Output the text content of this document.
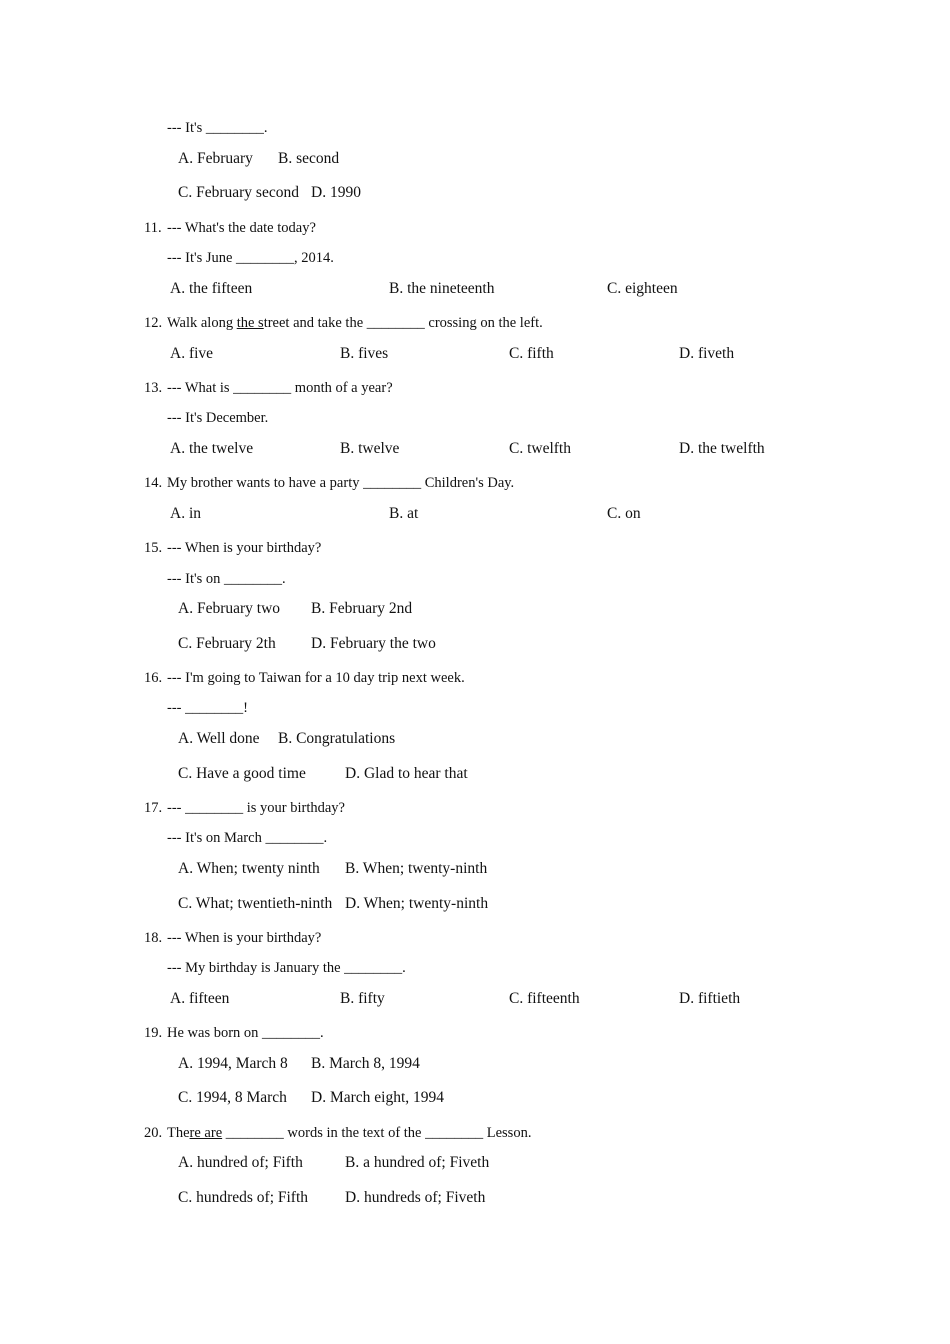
--- It's ________.
A. February B. second
C. February second D. 1990
11. --- What's the date today?
--- It's June ________, 2014.
A. the fifteen	B. the nineteenth	C. eighteen
12. Walk along the street and take the ________ crossing on the left.
A. five	B. fives	C. fifth	D. fiveth
13. --- What is ________ month of a year?
--- It's December.
A. the twelve	B. twelve	C. twelfth	D. the twelfth
14. My brother wants to have a party ________ Children's Day.
A. in	B. at	C. on
15. --- When is your birthday?
--- It's on ________.
A. February two B. February 2nd
C. February 2th D. February the two
16. --- I'm going to Taiwan for a 10 day trip next week.
--- ________!
A. Well done B. Congratulations
C. Have a good time	D. Glad to hear that
17. --- ________ is your birthday?
--- It's on March ________.
A. When; twenty ninth B. When; twenty-ninth
C. What; twentieth-ninth D. When; twenty-ninth
18. --- When is your birthday?
--- My birthday is January the ________.
A. fifteen	B. fifty	C. fifteenth	D. fiftieth
19. He was born on ________.
A. 1994, March 8 B. March 8, 1994
C. 1994, 8 March D. March eight, 1994
20. There are ________ words in the text of the ________ Lesson.
A. hundred of; Fifth	B. a hundred of; Fiveth
C. hundreds of; Fifth D. hundreds of; Fiveth
